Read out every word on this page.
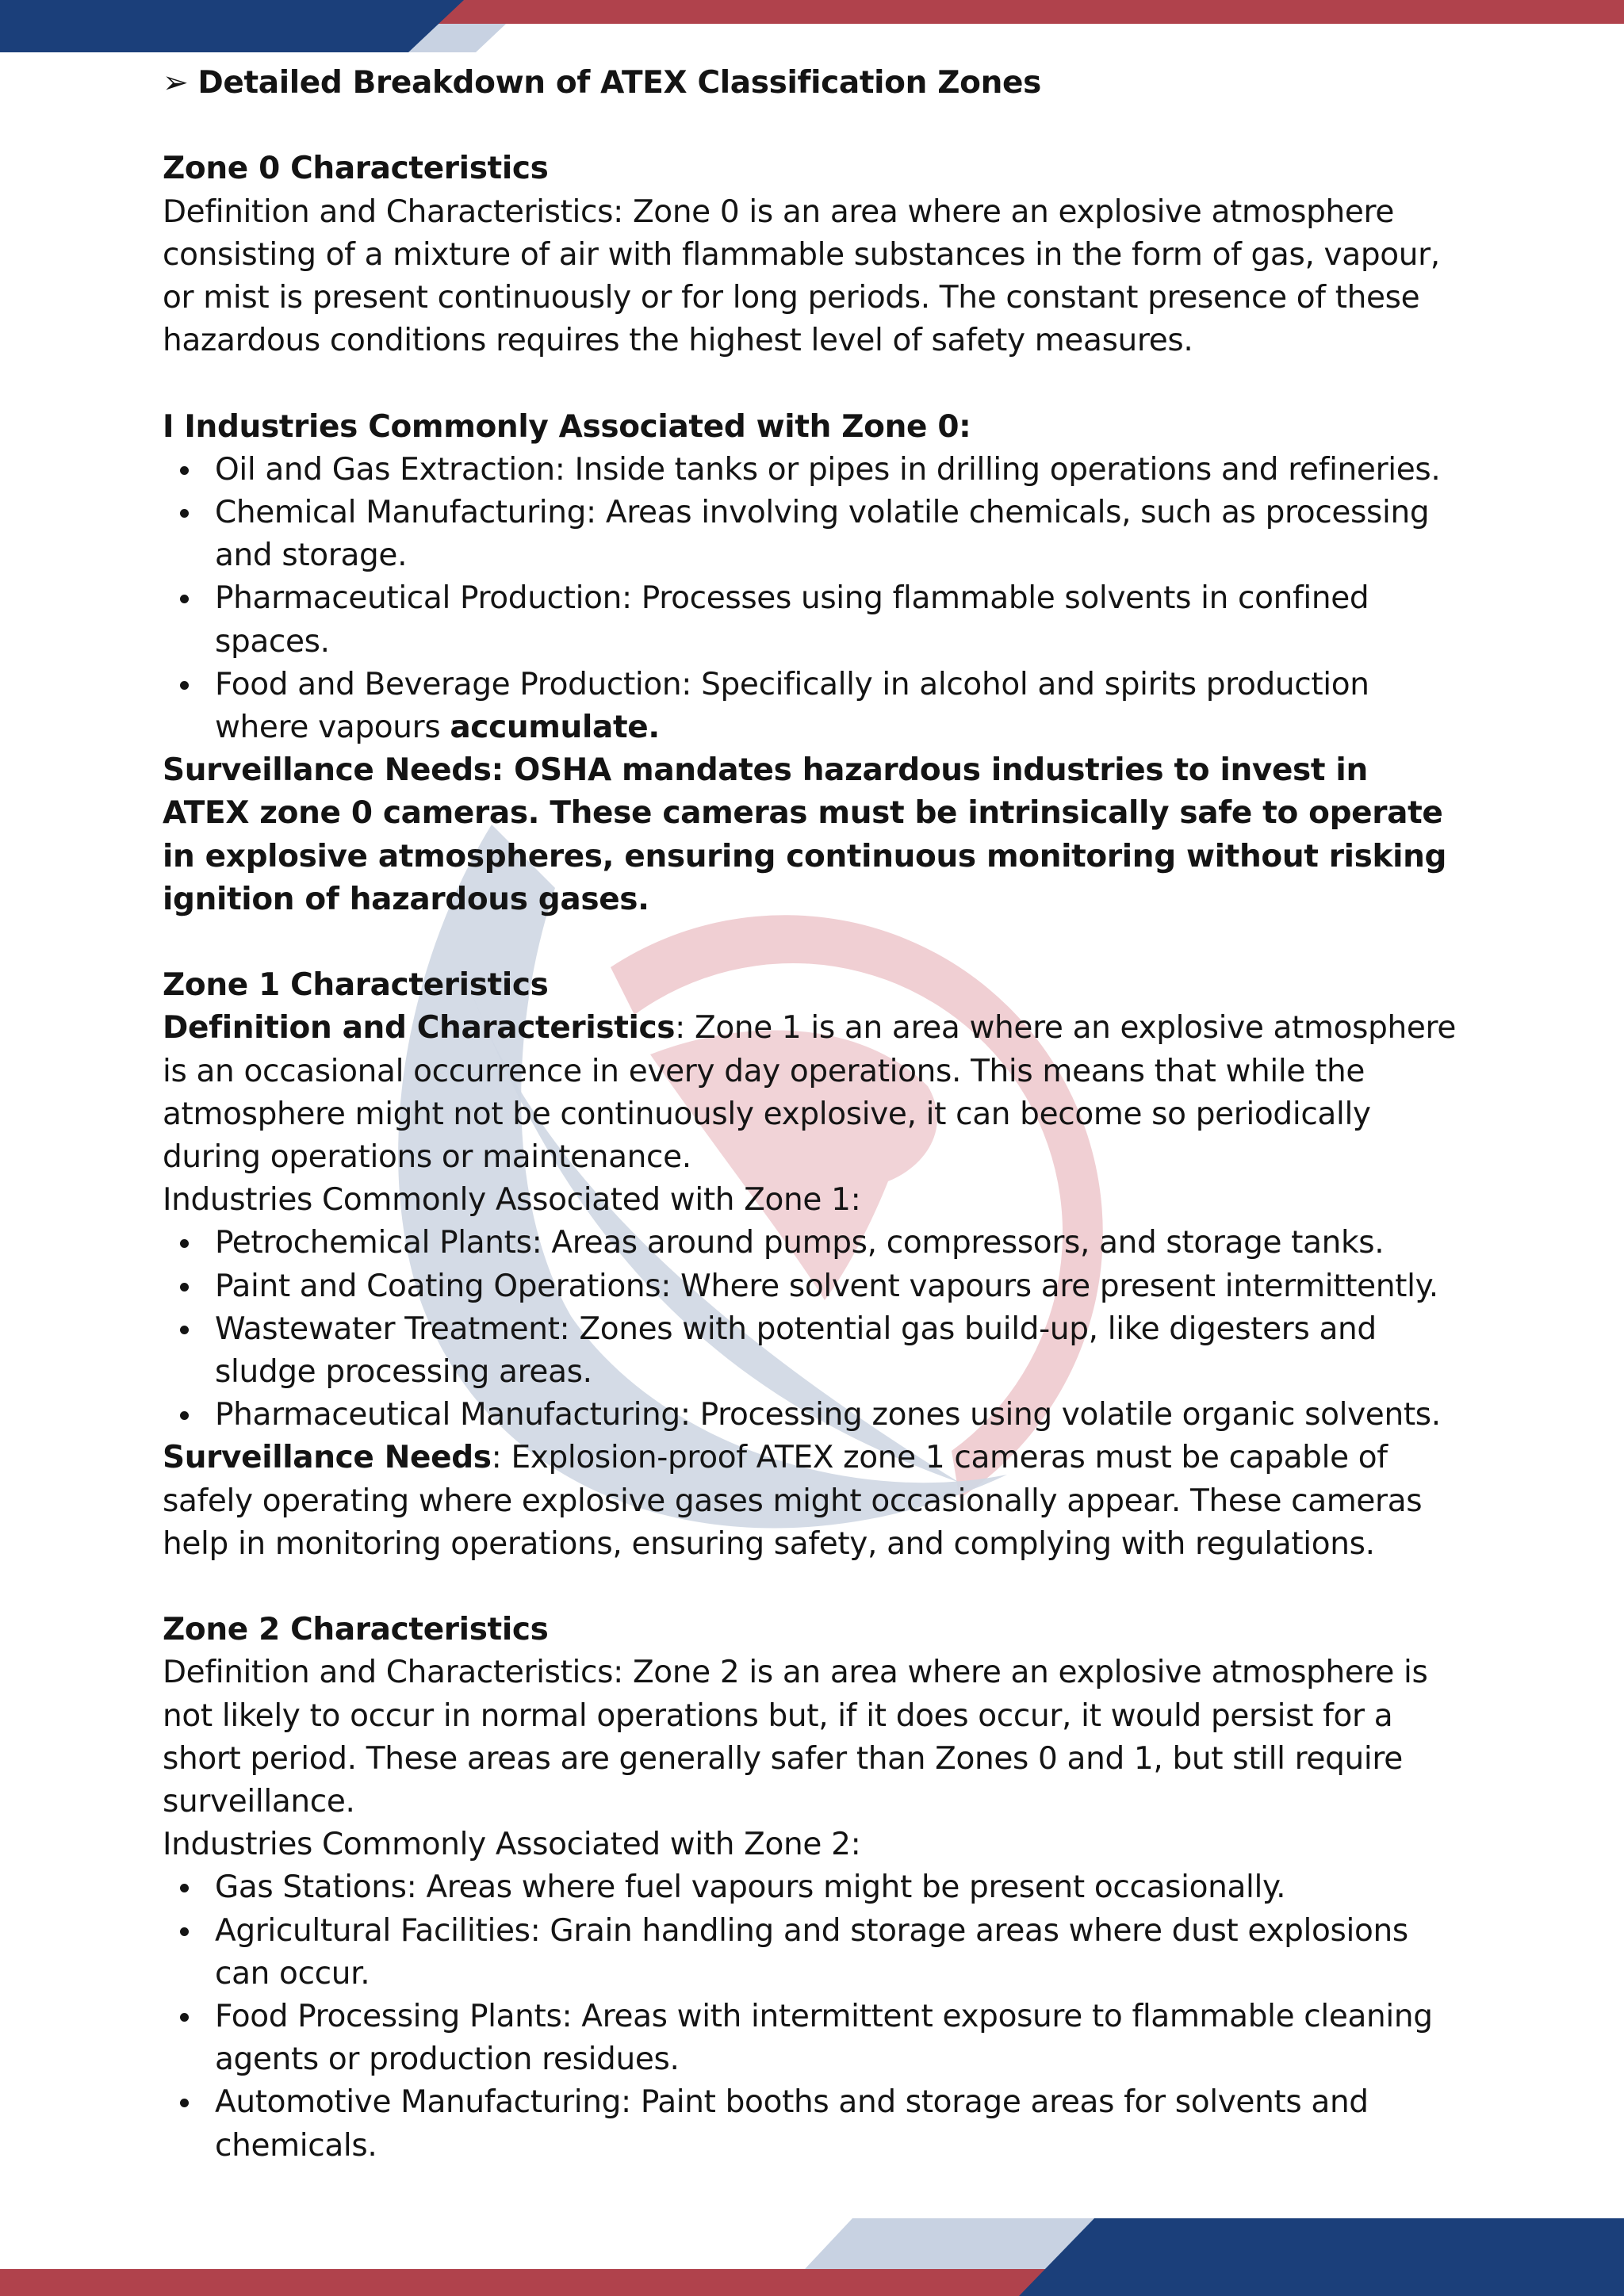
➢ Detailed Breakdown of ATEX Classification Zones

Zone 0 Characteristics

Definition and Characteristics: Zone 0 is an area where an explosive atmosphere consisting of a mixture of air with flammable substances in the form of gas, vapour, or mist is present continuously or for long periods. The constant presence of these hazardous conditions requires the highest level of safety measures.

I Industries Commonly Associated with Zone 0:

Oil and Gas Extraction: Inside tanks or pipes in drilling operations and refineries.
Chemical Manufacturing: Areas involving volatile chemicals, such as processing and storage.
Pharmaceutical Production: Processes using flammable solvents in confined spaces.
Food and Beverage Production: Specifically in alcohol and spirits production where vapours accumulate.

Surveillance Needs: OSHA mandates hazardous industries to invest in ATEX zone 0 cameras. These cameras must be intrinsically safe to operate in explosive atmospheres, ensuring continuous monitoring without risking ignition of hazardous gases.

Zone 1 Characteristics

Definition and Characteristics: Zone 1 is an area where an explosive atmosphere is an occasional occurrence in every day operations. This means that while the atmosphere might not be continuously explosive, it can become so periodically during operations or maintenance.

Industries Commonly Associated with Zone 1:

Petrochemical Plants: Areas around pumps, compressors, and storage tanks.
Paint and Coating Operations: Where solvent vapours are present intermittently.
Wastewater Treatment: Zones with potential gas build-up, like digesters and sludge processing areas.
Pharmaceutical Manufacturing: Processing zones using volatile organic solvents.

Surveillance Needs: Explosion-proof ATEX zone 1 cameras must be capable of safely operating where explosive gases might occasionally appear. These cameras help in monitoring operations, ensuring safety, and complying with regulations.

Zone 2 Characteristics

Definition and Characteristics: Zone 2 is an area where an explosive atmosphere is not likely to occur in normal operations but, if it does occur, it would persist for a short period. These areas are generally safer than Zones 0 and 1, but still require surveillance.

Industries Commonly Associated with Zone 2:

Gas Stations: Areas where fuel vapours might be present occasionally.
Agricultural Facilities: Grain handling and storage areas where dust explosions can occur.
Food Processing Plants: Areas with intermittent exposure to flammable cleaning agents or production residues.
Automotive Manufacturing: Paint booths and storage areas for solvents and chemicals.
